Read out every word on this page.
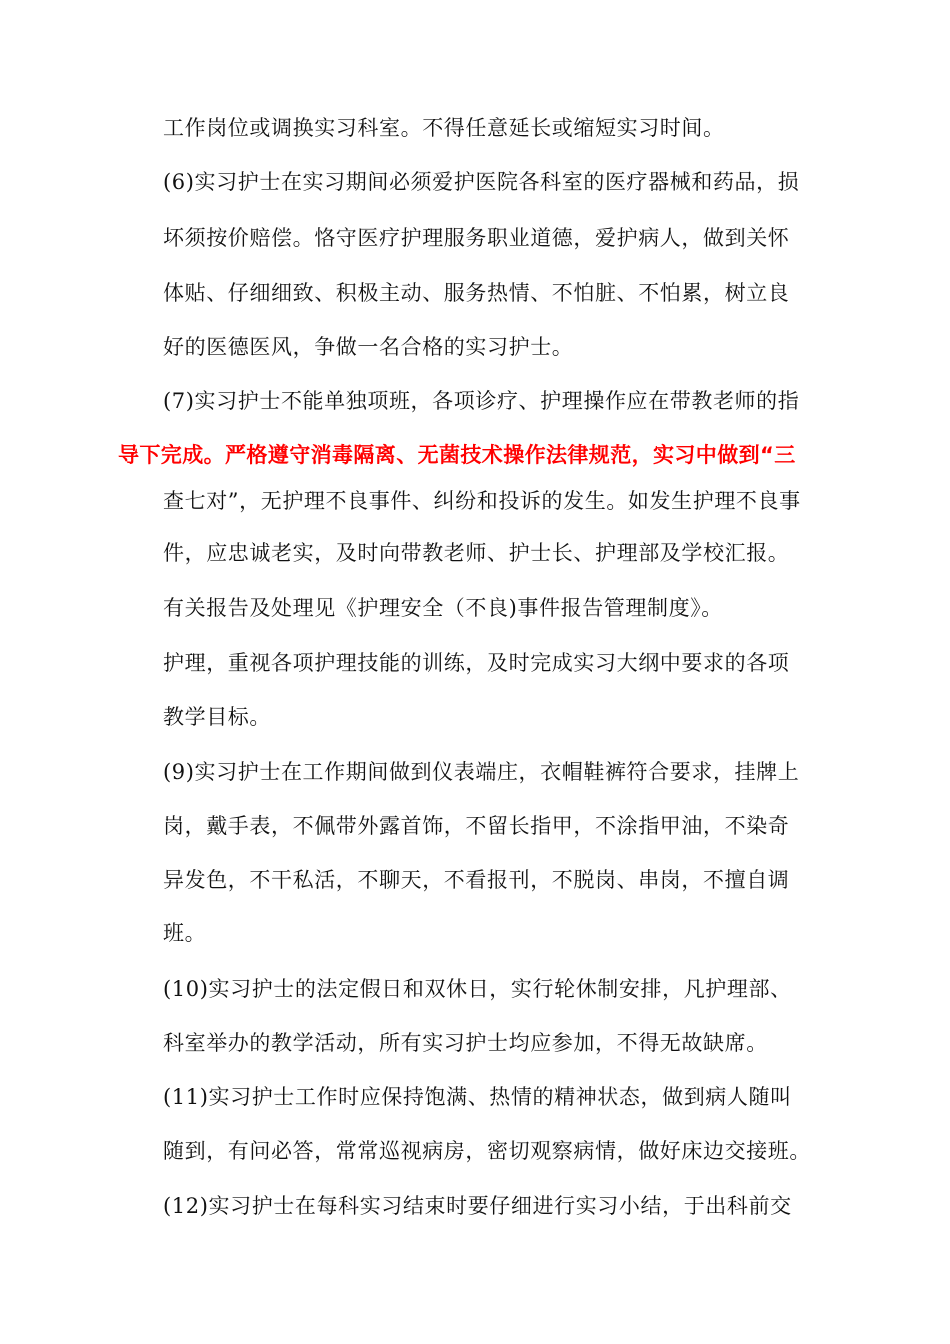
工作岗位或调换实习科室。不得任意延长或缩短实习时间。
(6)实习护士在实习期间必须爱护医院各科室的医疗器械和药品，损
坏须按价赔偿。恪守医疗护理服务职业道德，爱护病人，做到关怀
体贴、仔细细致、积极主动、服务热情、不怕脏、不怕累，树立良
好的医德医风，争做一名合格的实习护士。
(7)实习护士不能单独项班，各项诊疗、护理操作应在带教老师的指
导下完成。严格遵守消毒隔离、无菌技术操作法律规范，实习中做到“三
查七对”，无护理不良事件、纠纷和投诉的发生。如发生护理不良事
件，应忠诚老实，及时向带教老师、护士长、护理部及学校汇报。
有关报告及处理见《护理安全（不良)事件报告管理制度》。
护理，重视各项护理技能的训练，及时完成实习大纲中要求的各项
教学目标。
(9)实习护士在工作期间做到仪表端庄，衣帽鞋裤符合要求，挂牌上
岗，戴手表，不佩带外露首饰，不留长指甲，不涂指甲油，不染奇
异发色，不干私活，不聊天，不看报刊，不脱岗、串岗，不擅自调
班。
(10)实习护士的法定假日和双休日，实行轮休制安排，凡护理部、
科室举办的教学活动，所有实习护士均应参加，不得无故缺席。
(11)实习护士工作时应保持饱满、热情的精神状态，做到病人随叫
随到，有问必答，常常巡视病房，密切观察病情，做好床边交接班。
(12)实习护士在每科实习结束时要仔细进行实习小结，于出科前交
